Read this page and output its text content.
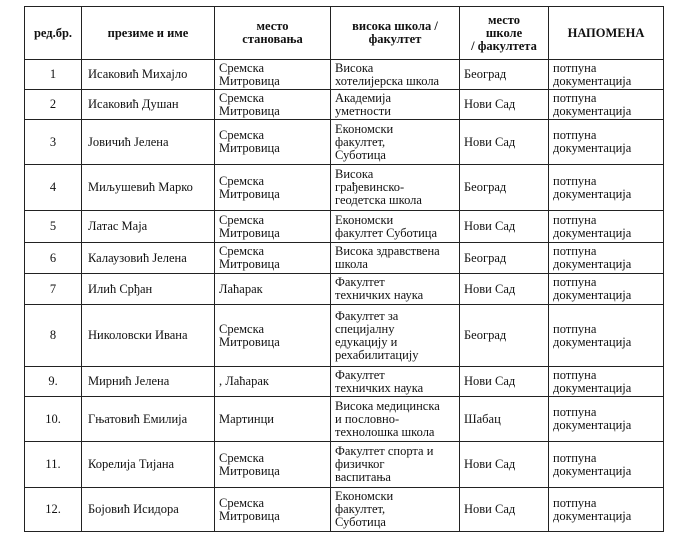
ред.бр.	презиме и име	место
становања	висока школа /
факултет	место
школе
/ факултета	НАПОМЕНА
1	Исаковић Михајло	Сремска
Митровица	Висока
хотелијерска школа	Београд	потпуна
документација
2	Исаковић Душан	Сремска
Митровица	Академија
уметности	Нови Сад	потпуна
документација
3	Јовичић Јелена	Сремска
Митровица	Економски
факултет,
Суботица	Нови Сад	потпуна
документација
4	Миљушевић Марко	Сремска
Митровица	Висока
грађевинско-
геодетска школа	Београд	потпуна
документација
5	Латас Маја	Сремска
Митровица	Економски
факултет Суботица	Нови Сад	потпуна
документација
6	Калаузовић Јелена	Сремска
Митровица	Висока здравствена
школа	Београд	потпуна
документација
7	Илић Срђан	Лаћарак	Факултет
техничких наука	Нови Сад	потпуна
документација
8	Николовски Ивана	Сремска
Митровица	Факултет за
специјалну
едукацију и
рехабилитацију	Београд	потпуна
документација
9.	Мирнић Јелена	, Лаћарак	Факултет
техничких наука	Нови Сад	потпуна
документација
10.	Гњатовић Емилија	Мартинци	Висока медицинска
и пословно-
технолошка школа	Шабац	потпуна
документација
11.	Корелија Тијана	Сремска
Митровица	Факултет спорта и
физичког
васпитања	Нови Сад	потпуна
документација
12.	Бојовић Исидора	Сремска
Митровица	Економски
факултет,
Суботица	Нови Сад	потпуна
документација
